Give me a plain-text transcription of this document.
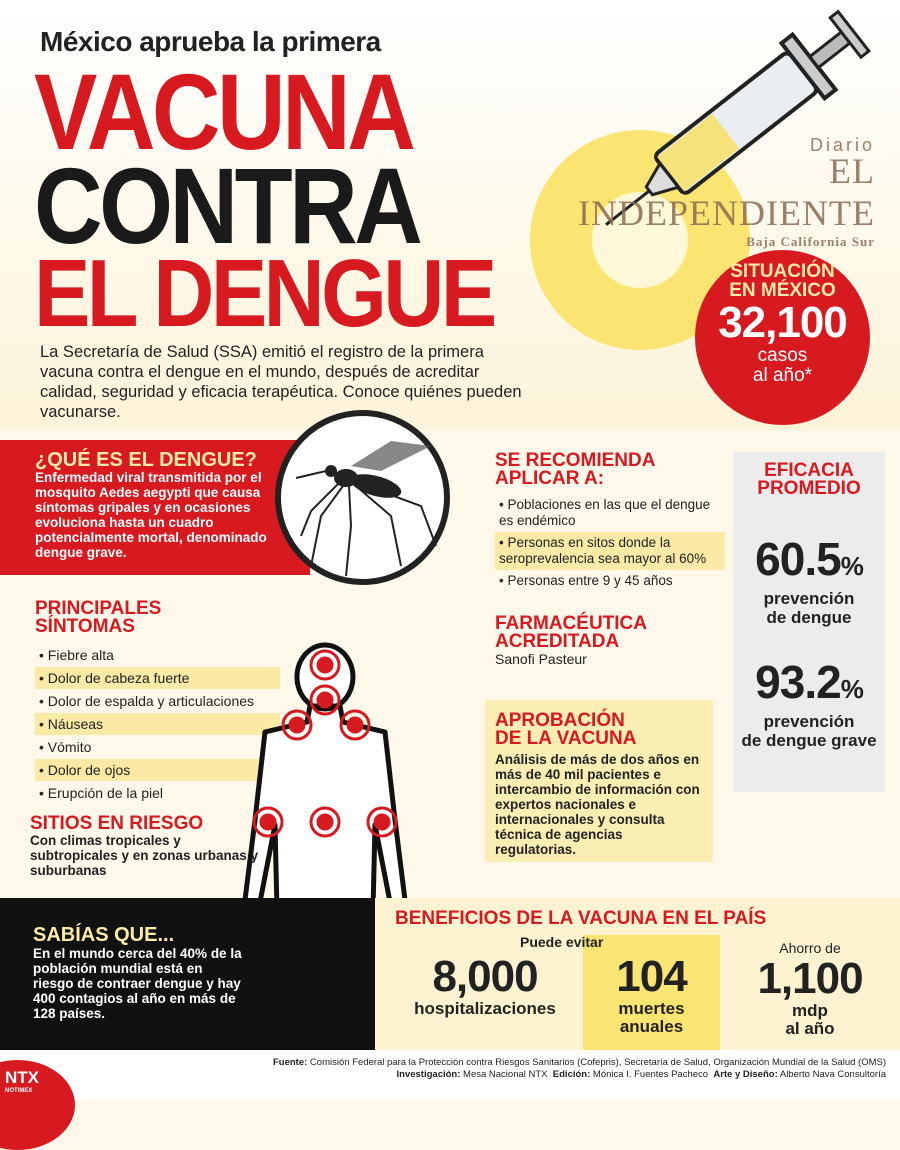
México aprueba la primera
VACUNA
CONTRA
EL DENGUE
Diario
EL INDEPENDIENTE
Baja California Sur
SITUACIÓN
EN MÉXICO
32,100
casos
al año*

La Secretaría de Salud (SSA) emitió el registro de la primera vacuna contra el dengue en el mundo, después de acreditar calidad, seguridad y eficacia terapéutica. Conoce quiénes pueden vacunarse.

¿QUÉ ES EL DENGUE?

Enfermedad viral transmitida por el mosquito Aedes aegypti que causa síntomas gripales y en ocasiones evoluciona hasta un cuadro potencialmente mortal, denominado dengue grave.

PRINCIPALES
SÍNTOMAS
• Fiebre alta
• Dolor de cabeza fuerte
• Dolor de espalda y articulaciones
• Náuseas
• Vómito
• Dolor de ojos
• Erupción de la piel
SITIOS EN RIESGO

Con climas tropicales y subtropicales y en zonas urbanas y suburbanas

SE RECOMIENDA
APLICAR A:
• Poblaciones en las que el dengue es endémico
• Personas en sitos donde la seroprevalencia sea mayor al 60%
• Personas entre 9 y 45 años
FARMACÉUTICA
ACREDITADA

Sanofi Pasteur

EFICACIA
PROMEDIO
60.5%
prevención
de dengue
93.2%
prevención
de dengue grave
APROBACIÓN
DE LA VACUNA

Análisis de más de dos años en más de 40 mil pacientes e intercambio de información con expertos nacionales e internacionales y consulta técnica de agencias regulatorias.

SABÍAS QUE...

En el mundo cerca del 40% de la población mundial está en riesgo de contraer dengue y hay 400 contagios al año en más de 128 países.

BENEFICIOS DE LA VACUNA EN EL PAÍS
Puede evitar
8,000
hospitalizaciones
104
muertes
anuales
Ahorro de
1,100
mdp
al año
NTX
NOTIMEX
Fuente: Comisión Federal para la Protección contra Riesgos Sanitarios (Cofepris), Secretaría de Salud, Organización Mundial de la Salud (OMS)
Investigación: Mesa Nacional NTX Edición: Mónica I. Fuentes Pacheco Arte y Diseño: Alberto Nava Consultoría
